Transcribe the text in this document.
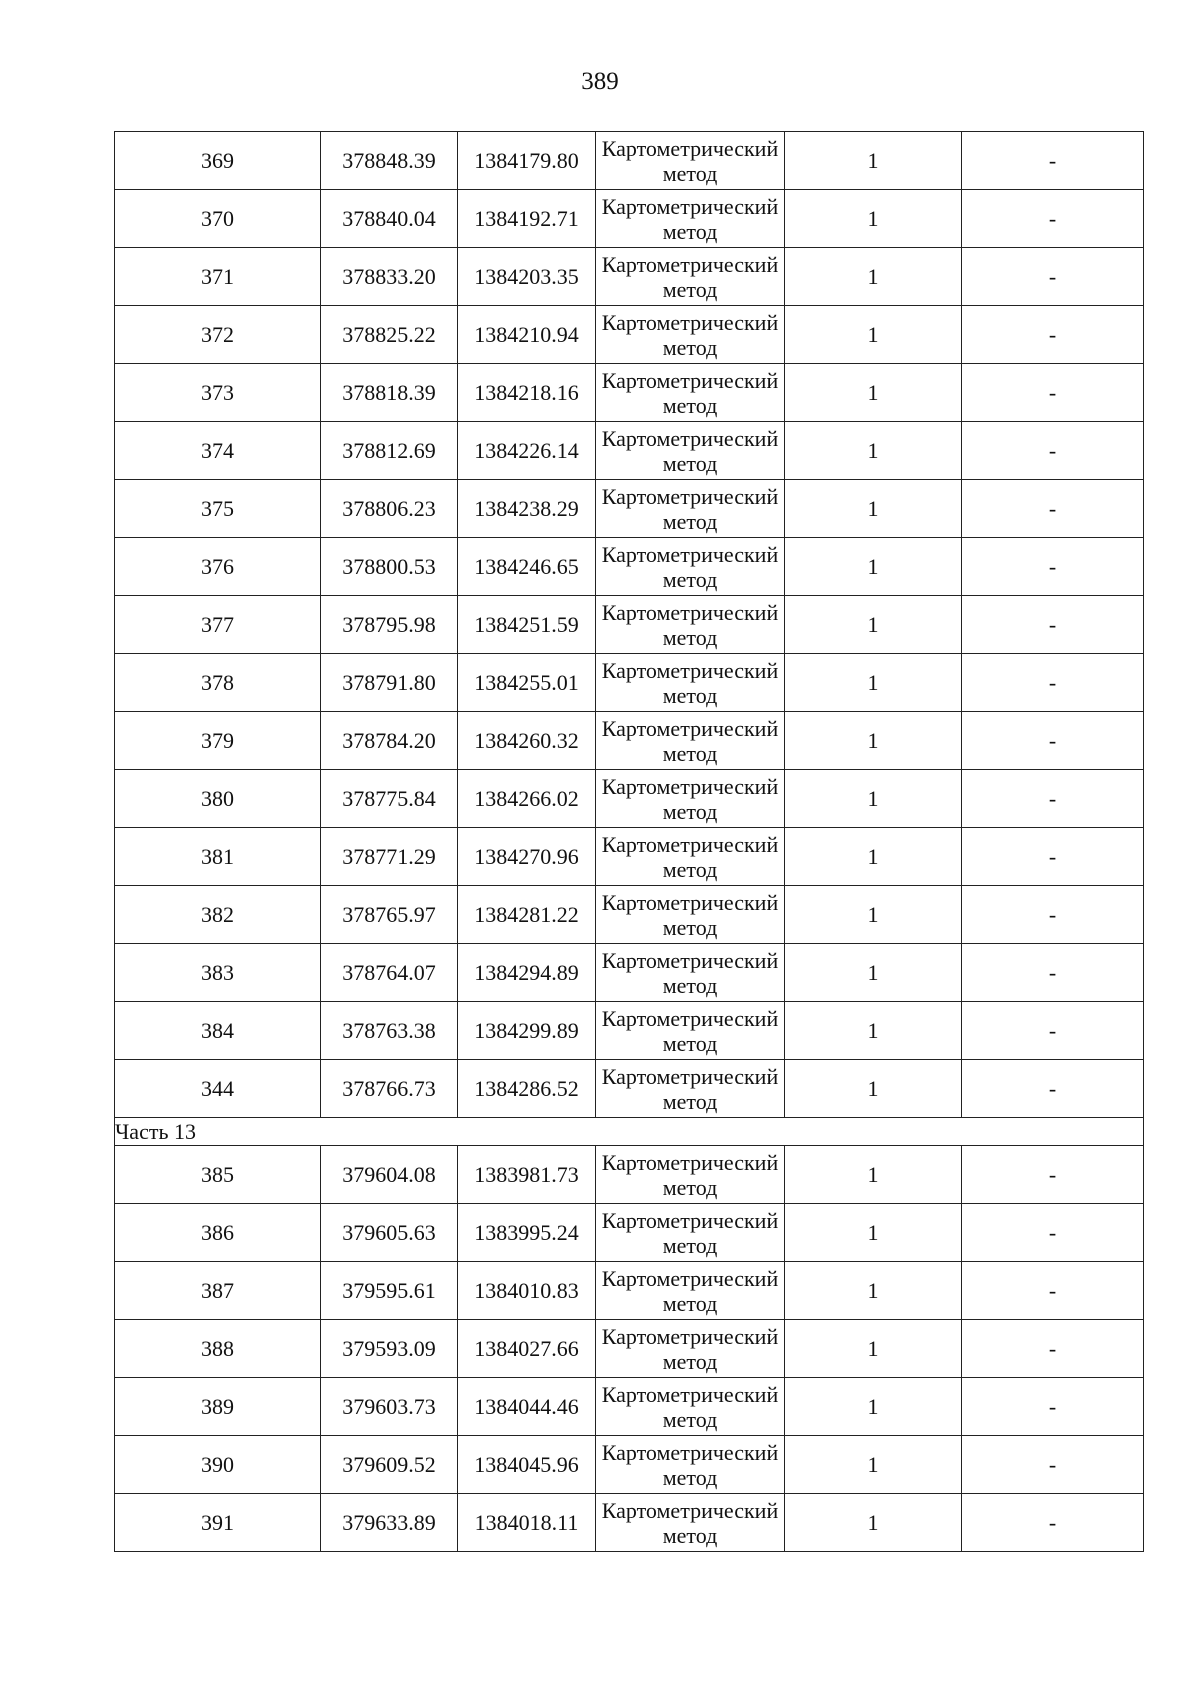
389
369	378848.39	1384179.80	Картометрический метод	1	-
370	378840.04	1384192.71	Картометрический метод	1	-
371	378833.20	1384203.35	Картометрический метод	1	-
372	378825.22	1384210.94	Картометрический метод	1	-
373	378818.39	1384218.16	Картометрический метод	1	-
374	378812.69	1384226.14	Картометрический метод	1	-
375	378806.23	1384238.29	Картометрический метод	1	-
376	378800.53	1384246.65	Картометрический метод	1	-
377	378795.98	1384251.59	Картометрический метод	1	-
378	378791.80	1384255.01	Картометрический метод	1	-
379	378784.20	1384260.32	Картометрический метод	1	-
380	378775.84	1384266.02	Картометрический метод	1	-
381	378771.29	1384270.96	Картометрический метод	1	-
382	378765.97	1384281.22	Картометрический метод	1	-
383	378764.07	1384294.89	Картометрический метод	1	-
384	378763.38	1384299.89	Картометрический метод	1	-
344	378766.73	1384286.52	Картометрический метод	1	-
Часть 13					
385	379604.08	1383981.73	Картометрический метод	1	-
386	379605.63	1383995.24	Картометрический метод	1	-
387	379595.61	1384010.83	Картометрический метод	1	-
388	379593.09	1384027.66	Картометрический метод	1	-
389	379603.73	1384044.46	Картометрический метод	1	-
390	379609.52	1384045.96	Картометрический метод	1	-
391	379633.89	1384018.11	Картометрический метод	1	-
